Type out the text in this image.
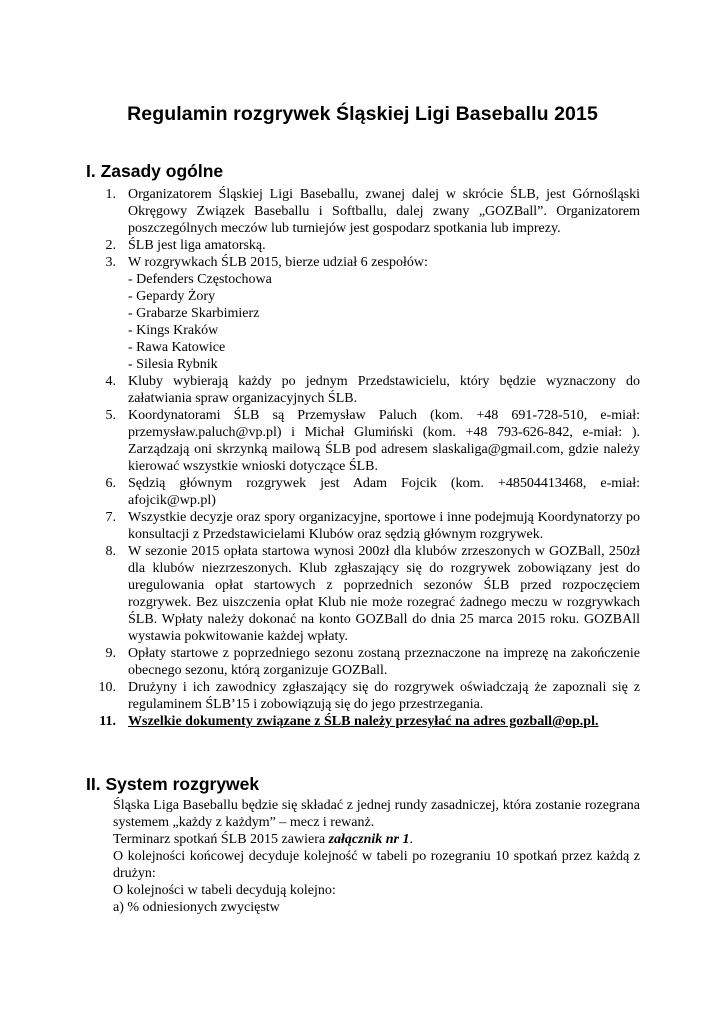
Regulamin rozgrywek Śląskiej Ligi Baseballu 2015
I. Zasady ogólne
1. Organizatorem Śląskiej Ligi Baseballu, zwanej dalej w skrócie ŚLB, jest Górnośląski Okręgowy Związek Baseballu i Softballu, dalej zwany „GOZBall”. Organizatorem poszczególnych meczów lub turniejów jest gospodarz spotkania lub imprezy.
2. ŚLB jest liga amatorską.
3. W rozgrywkach ŚLB 2015, bierze udział 6 zespołów:
- Defenders Częstochowa
- Gepardy Żory
- Grabarze Skarbimierz
- Kings Kraków
- Rawa Katowice
- Silesia Rybnik
4. Kluby wybierają każdy po jednym Przedstawicielu, który będzie wyznaczony do załatwiania spraw organizacyjnych ŚLB.
5. Koordynatorami ŚLB są Przemysław Paluch (kom. +48 691-728-510, e-miał: przemysław.paluch@vp.pl) i Michał Glumiński (kom. +48 793-626-842, e-miał: ). Zarządzają oni skrzynką mailową ŚLB pod adresem slaskaliga@gmail.com, gdzie należy kierować wszystkie wnioski dotyczące ŚLB.
6. Sędzią głównym rozgrywek jest Adam Fojcik (kom. +48504413468, e-miał: afojcik@wp.pl)
7. Wszystkie decyzje oraz spory organizacyjne, sportowe i inne podejmują Koordynatorzy po konsultacji z Przedstawicielami Klubów oraz sędzią głównym rozgrywek.
8. W sezonie 2015 opłata startowa wynosi 200zł dla klubów zrzeszonych w GOZBall, 250zł dla klubów niezrzeszonych. Klub zgłaszający się do rozgrywek zobowiązany jest do uregulowania opłat startowych z poprzednich sezonów ŚLB przed rozpoczęciem rozgrywek. Bez uiszczenia opłat Klub nie może rozegrać żadnego meczu w rozgrywkach ŚLB. Wpłaty należy dokonać na konto GOZBall do dnia 25 marca 2015 roku. GOZBAll wystawia pokwitowanie każdej wpłaty.
9. Opłaty startowe z poprzedniego sezonu zostaną przeznaczone na imprezę na zakończenie obecnego sezonu, którą zorganizuje GOZBall.
10. Drużyny i ich zawodnicy zgłaszający się do rozgrywek oświadczają że zapoznali się z regulaminem ŚLB’15 i zobowiązują się do jego przestrzegania.
11. Wszelkie dokumenty związane z ŚLB należy przesyłać na adres gozball@op.pl.
II. System rozgrywek

Śląska Liga Baseballu będzie się składać z jednej rundy zasadniczej, która zostanie rozegrana systemem „każdy z każdym” – mecz i rewanż.

Terminarz spotkań ŚLB 2015 zawiera załącznik nr 1.

O kolejności końcowej decyduje kolejność w tabeli po rozegraniu 10 spotkań przez każdą z drużyn:

O kolejności w tabeli decydują kolejno:

a) % odniesionych zwycięstw
